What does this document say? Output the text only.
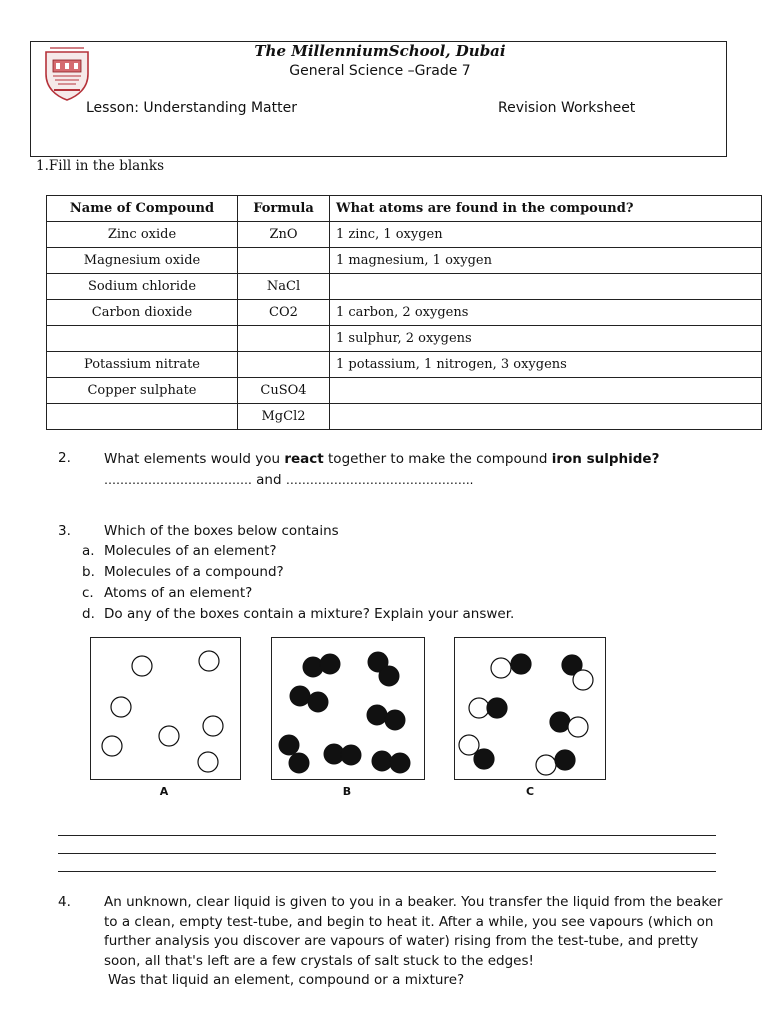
The MillenniumSchool, Dubai
General Science –Grade 7
Lesson: Understanding Matter	Revision Worksheet
1.Fill in the blanks
Name of Compound	Formula	What atoms are found in the compound?
Zinc oxide	ZnO	1 zinc, 1 oxygen
Magnesium oxide		1 magnesium, 1 oxygen
Sodium chloride	NaCl	
Carbon dioxide	CO2	1 carbon, 2 oxygens
		1 sulphur, 2 oxygens
Potassium nitrate		1 potassium, 1 nitrogen, 3 oxygens
Copper sulphate	CuSO4	
	MgCl2	
2. What elements would you react together to make the compound iron sulphide?
………………………………. and ………………………………………..
3. Which of the boxes below contains
a. Molecules of an element?
b. Molecules of a compound?
c. Atoms of an element?
d. Do any of the boxes contain a mixture? Explain your answer.
A	B	C
4. An unknown, clear liquid is given to you in a beaker. You transfer the liquid from the beaker to a clean, empty test-tube, and begin to heat it. After a while, you see vapours (which on further analysis you discover are vapours of water) rising from the test-tube, and pretty soon, all that's left are a few crystals of salt stuck to the edges!
Was that liquid an element, compound or a mixture?
